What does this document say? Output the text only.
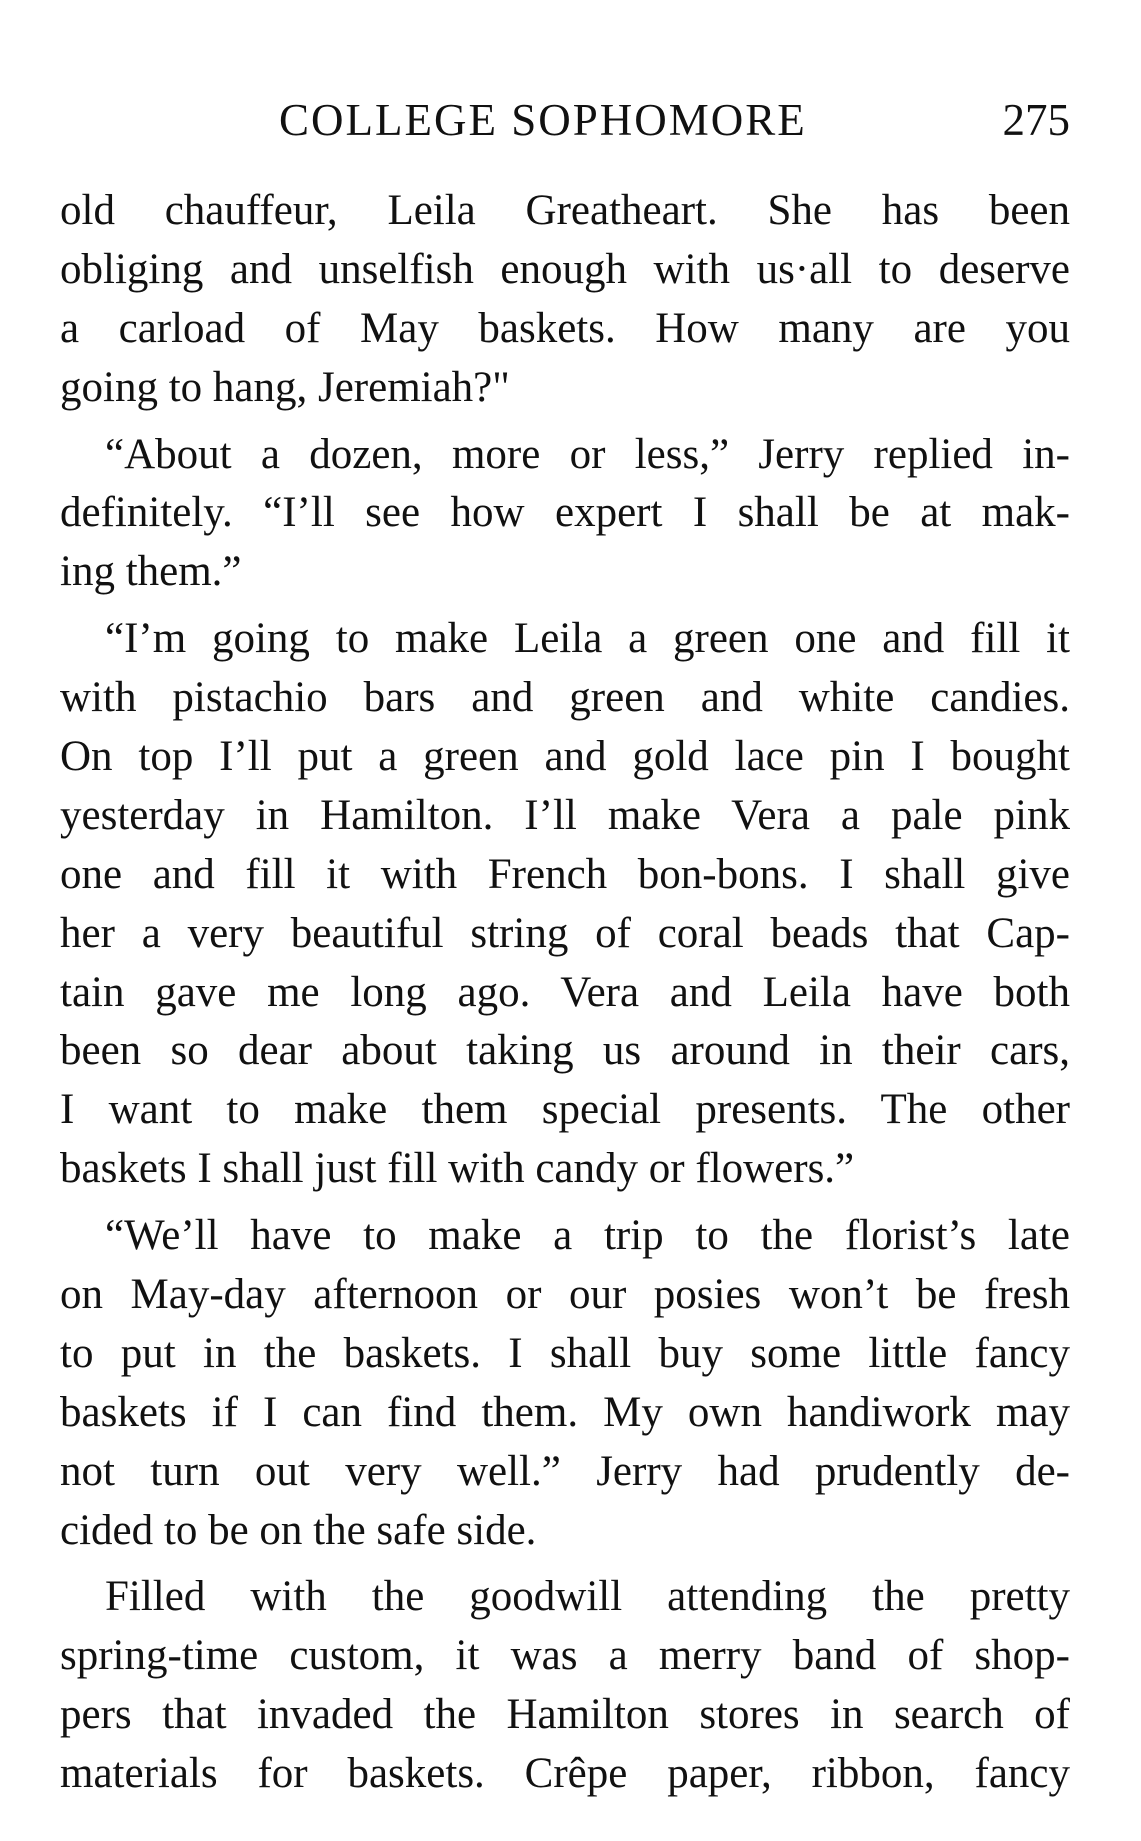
COLLEGE SOPHOMORE	275
old chauffeur, Leila Greatheart. She has been
obliging and unselfish enough with us·all to deserve
a carload of May baskets. How many are you
going to hang, Jeremiah?"
“About a dozen, more or less,” Jerry replied in-
definitely. “I’ll see how expert I shall be at mak-
ing them.”
“I’m going to make Leila a green one and fill it
with pistachio bars and green and white candies.
On top I’ll put a green and gold lace pin I bought
yesterday in Hamilton. I’ll make Vera a pale pink
one and fill it with French bon-bons. I shall give
her a very beautiful string of coral beads that Cap-
tain gave me long ago. Vera and Leila have both
been so dear about taking us around in their cars,
I want to make them special presents. The other
baskets I shall just fill with candy or flowers.”
“We’ll have to make a trip to the florist’s late
on May-day afternoon or our posies won’t be fresh
to put in the baskets. I shall buy some little fancy
baskets if I can find them. My own handiwork may
not turn out very well.” Jerry had prudently de-
cided to be on the safe side.
Filled with the goodwill attending the pretty
spring-time custom, it was a merry band of shop-
pers that invaded the Hamilton stores in search of
materials for baskets. Crêpe paper, ribbon, fancy
